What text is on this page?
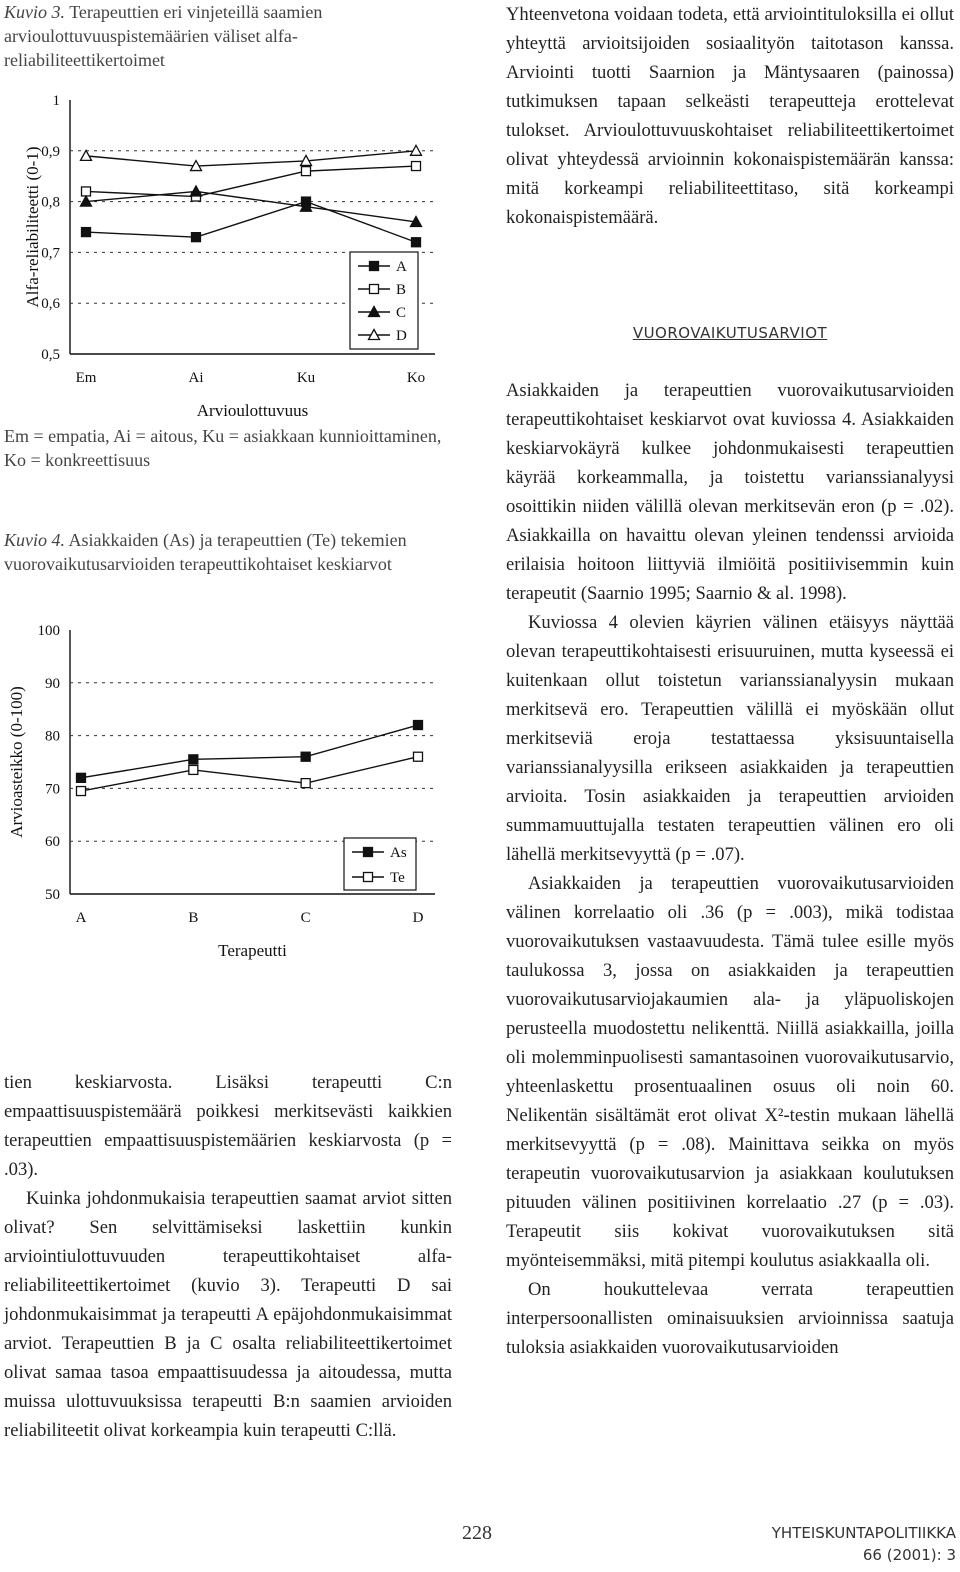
Kuvio 3. Terapeuttien eri vinjeteillä saamien arvioulottuvuuspistemäärien väliset alfa-reliabiliteettikertoimet

0,5
0,6
0,7
0,8
0,9
1
Em	Ai	Ku	Ko
Arvioulottuvuus
Alfa-reliabiliteetti (0-1)	A
B
C
D

Em = empatia, Ai = aitous, Ku = asiakkaan kunnioittaminen, Ko = konkreettisuus

Kuvio 4. Asiakkaiden (As) ja terapeuttien (Te) tekemien vuorovaikutusarvioiden terapeuttikohtaiset keskiarvot

50
60
70
80
90
100
A	B	C	D
Terapeutti
Arvioasteikko (0-100)
As
Te

tien keskiarvosta. Lisäksi terapeutti C:n empaattisuuspistemäärä poikkesi merkitsevästi kaikkien terapeuttien empaattisuuspistemäärien keskiarvosta (p = .03).

Kuinka johdonmukaisia terapeuttien saamat arviot sitten olivat? Sen selvittämiseksi laskettiin kunkin arviointiulottuvuuden terapeuttikohtaiset alfa-reliabiliteettikertoimet (kuvio 3). Terapeutti D sai johdonmukaisimmat ja terapeutti A epäjohdonmukaisimmat arviot. Terapeuttien B ja C osalta reliabiliteettikertoimet olivat samaa tasoa empaattisuudessa ja aitoudessa, mutta muissa ulottuvuuksissa terapeutti B:n saamien arvioiden reliabiliteetit olivat korkeampia kuin terapeutti C:llä.

Yhteenvetona voidaan todeta, että arviointituloksilla ei ollut yhteyttä arvioitsijoiden sosiaalityön taitotason kanssa. Arviointi tuotti Saarnion ja Mäntysaaren (painossa) tutkimuksen tapaan selkeästi terapeutteja erottelevat tulokset. Arvioulottuvuuskohtaiset reliabiliteettikertoimet olivat yhteydessä arvioinnin kokonaispistemäärän kanssa: mitä korkeampi reliabiliteettitaso, sitä korkeampi kokonaispistemäärä.

VUOROVAIKUTUSARVIOT

Asiakkaiden ja terapeuttien vuorovaikutusarvioiden terapeuttikohtaiset keskiarvot ovat kuviossa 4. Asiakkaiden keskiarvokäyrä kulkee johdonmukaisesti terapeuttien käyrää korkeammalla, ja toistettu varianssianalyysi osoittikin niiden välillä olevan merkitsevän eron (p = .02). Asiakkailla on havaittu olevan yleinen tendenssi arvioida erilaisia hoitoon liittyviä ilmiöitä positiivisemmin kuin terapeutit (Saarnio 1995; Saarnio & al. 1998).

Kuviossa 4 olevien käyrien välinen etäisyys näyttää olevan terapeuttikohtaisesti erisuuruinen, mutta kyseessä ei kuitenkaan ollut toistetun varianssianalyysin mukaan merkitsevä ero. Terapeuttien välillä ei myöskään ollut merkitseviä eroja testattaessa yksisuuntaisella varianssianalyysilla erikseen asiakkaiden ja terapeuttien arvioita. Tosin asiakkaiden ja terapeuttien arvioiden summamuuttujalla testaten terapeuttien välinen ero oli lähellä merkitsevyyttä (p = .07).

Asiakkaiden ja terapeuttien vuorovaikutusarvioiden välinen korrelaatio oli .36 (p = .003), mikä todistaa vuorovaikutuksen vastaavuudesta. Tämä tulee esille myös taulukossa 3, jossa on asiakkaiden ja terapeuttien vuorovaikutusarviojakaumien ala- ja yläpuoliskojen perusteella muodostettu nelikenttä. Niillä asiakkailla, joilla oli molemminpuolisesti samantasoinen vuorovaikutusarvio, yhteenlaskettu prosentuaalinen osuus oli noin 60. Nelikentän sisältämät erot olivat X²-testin mukaan lähellä merkitsevyyttä (p = .08). Mainittava seikka on myös terapeutin vuorovaikutusarvion ja asiakkaan koulutuksen pituuden välinen positiivinen korrelaatio .27 (p = .03). Terapeutit siis kokivat vuorovaikutuksen sitä myönteisemmäksi, mitä pitempi koulutus asiakkaalla oli.

On houkuttelevaa verrata terapeuttien interpersoonallisten ominaisuuksien arvioinnissa saatuja tuloksia asiakkaiden vuorovaikutusarvioiden

228	YHTEISKUNTAPOLITIIKKA
66 (2001): 3
